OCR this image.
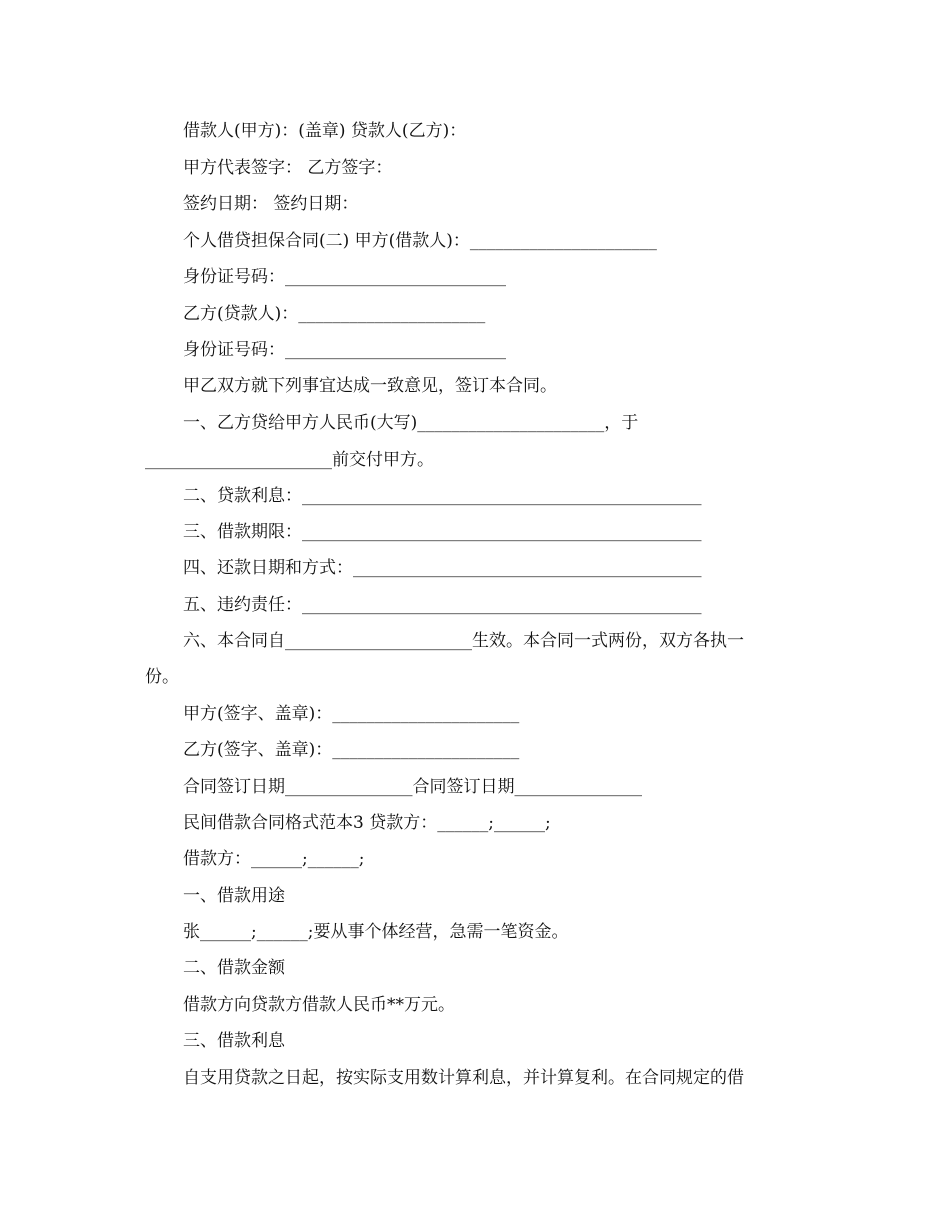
借款人(甲方)：(盖章) 贷款人(乙方)：
甲方代表签字： 乙方签字：
签约日期： 签约日期：
个人借贷担保合同(二) 甲方(借款人)：______________________
身份证号码：__________________________
乙方(贷款人)：______________________
身份证号码：__________________________
甲乙双方就下列事宜达成一致意见，签订本合同。
一、乙方贷给甲方人民币(大写)______________________，于
______________________前交付甲方。
二、贷款利息：_______________________________________________
三、借款期限：_______________________________________________
四、还款日期和方式：_________________________________________
五、违约责任：_______________________________________________
六、本合同自______________________生效。本合同一式两份，双方各执一
份。
甲方(签字、盖章)：______________________
乙方(签字、盖章)：______________________
合同签订日期_______________合同签订日期_______________
民间借款合同格式范本3 贷款方：______;______;
借款方：______;______;
一、借款用途
张______;______;要从事个体经营，急需一笔资金。
二、借款金额
借款方向贷款方借款人民币**万元。
三、借款利息
自支用贷款之日起，按实际支用数计算利息，并计算复利。在合同规定的借
